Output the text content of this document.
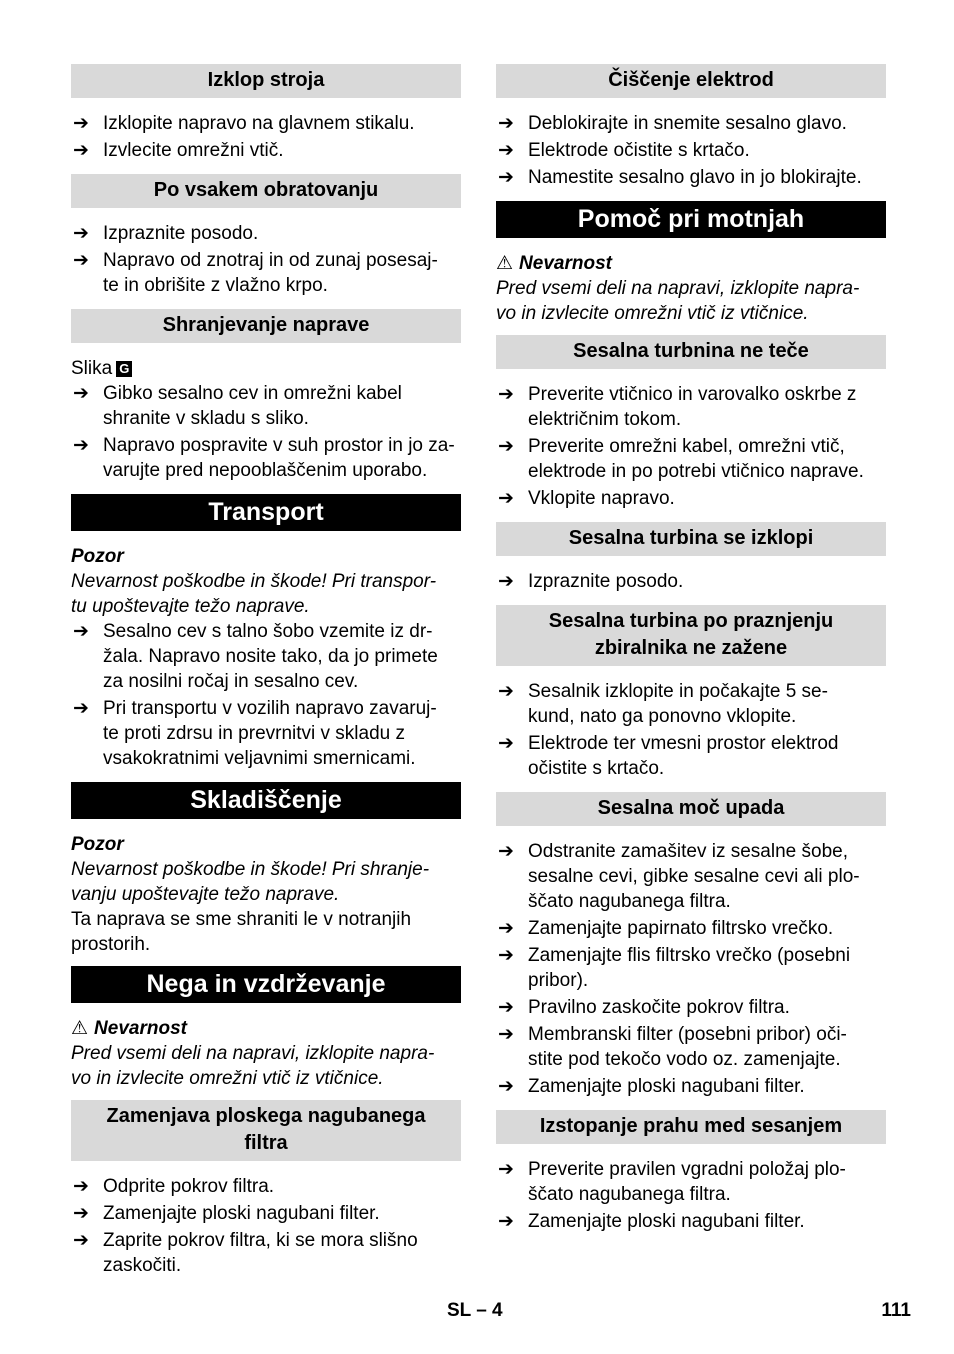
Izklop stroja
➔ Izklopite napravo na glavnem stikalu.
➔ Izvlecite omrežni vtič.
Po vsakem obratovanju
➔ Izpraznite posodo.
➔ Napravo od znotraj in od zunaj posesaj-
te in obrišite z vlažno krpo.
Shranjevanje naprave
Slika G
➔ Gibko sesalno cev in omrežni kabel
shranite v skladu s sliko.
➔ Napravo pospravite v suh prostor in jo za-
varujte pred nepooblaščenim uporabo.
Transport
Pozor
Nevarnost poškodbe in škode! Pri transpor-
tu upoštevajte težo naprave.
➔ Sesalno cev s talno šobo vzemite iz dr-
žala. Napravo nosite tako, da jo primete
za nosilni ročaj in sesalno cev.
➔ Pri transportu v vozilih napravo zavaruj-
te proti zdrsu in prevrnitvi v skladu z
vsakokratnimi veljavnimi smernicami.
Skladiščenje
Pozor
Nevarnost poškodbe in škode! Pri shranje-
vanju upoštevajte težo naprave.
Ta naprava se sme shraniti le v notranjih
prostorih.
Nega in vzdrževanje
⚠ Nevarnost
Pred vsemi deli na napravi, izklopite napra-
vo in izvlecite omrežni vtič iz vtičnice.
Zamenjava ploskega nagubanega
filtra
➔ Odprite pokrov filtra.
➔ Zamenjajte ploski nagubani filter.
➔ Zaprite pokrov filtra, ki se mora slišno
zaskočiti.
Čiščenje elektrod
➔ Deblokirajte in snemite sesalno glavo.
➔ Elektrode očistite s krtačo.
➔ Namestite sesalno glavo in jo blokirajte.
Pomoč pri motnjah
⚠ Nevarnost
Pred vsemi deli na napravi, izklopite napra-
vo in izvlecite omrežni vtič iz vtičnice.
Sesalna turbnina ne teče
➔ Preverite vtičnico in varovalko oskrbe z
električnim tokom.
➔ Preverite omrežni kabel, omrežni vtič,
elektrode in po potrebi vtičnico naprave.
➔ Vklopite napravo.
Sesalna turbina se izklopi
➔ Izpraznite posodo.
Sesalna turbina po praznjenju
zbiralnika ne zažene
➔ Sesalnik izklopite in počakajte 5 se-
kund, nato ga ponovno vklopite.
➔ Elektrode ter vmesni prostor elektrod
očistite s krtačo.
Sesalna moč upada
➔ Odstranite zamašitev iz sesalne šobe,
sesalne cevi, gibke sesalne cevi ali plo-
ščato nagubanega filtra.
➔ Zamenjajte papirnato filtrsko vrečko.
➔ Zamenjajte flis filtrsko vrečko (posebni
pribor).
➔ Pravilno zaskočite pokrov filtra.
➔ Membranski filter (posebni pribor) oči-
stite pod tekočo vodo oz. zamenjajte.
➔ Zamenjajte ploski nagubani filter.
Izstopanje prahu med sesanjem
➔ Preverite pravilen vgradni položaj plo-
ščato nagubanega filtra.
➔ Zamenjajte ploski nagubani filter.
SL – 4	111
